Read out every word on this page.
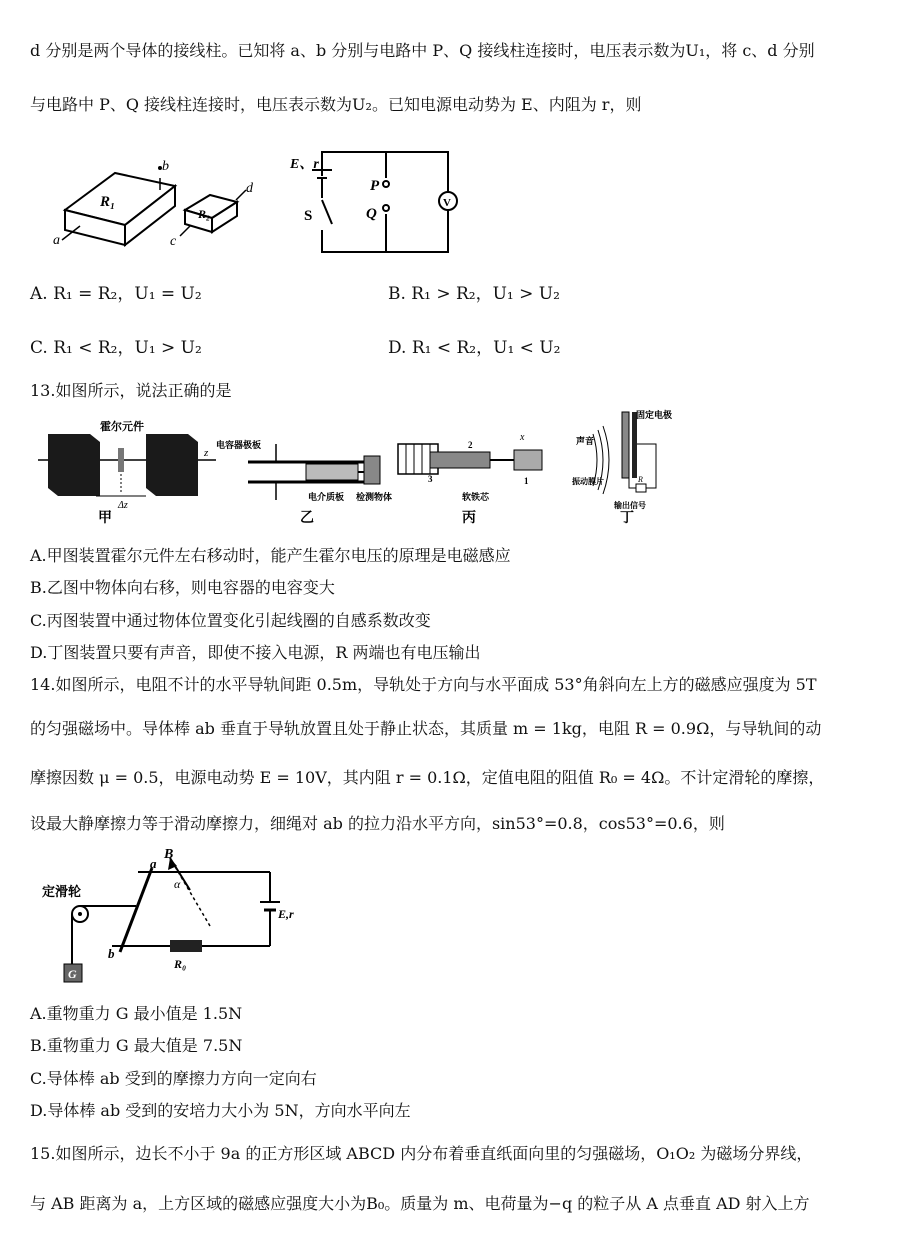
d 分别是两个导体的接线柱。已知将 a、b 分别与电路中 P、Q 接线柱连接时，电压表示数为U₁，将 c、d 分别
与电路中 P、Q 接线柱连接时，电压表示数为U₂。已知电源电动势为 E、内阻为 r，则
R₁
a
b
R₂
c
d
E、r
S
P
Q
V
A. R₁ = R₂，U₁ = U₂	B. R₁ > R₂，U₁ > U₂
C. R₁ < R₂，U₁ > U₂	D. R₁ < R₂，U₁ < U₂
13.如图所示，说法正确的是
霍尔元件
z
Δz
甲
电容器极板
电介质板 检测物体
乙
2
3	1
软铁芯
x
丙
声音
固定电极
振动膜片	R
输出信号
丁
A.甲图装置霍尔元件左右移动时，能产生霍尔电压的原理是电磁感应
B.乙图中物体向右移，则电容器的电容变大
C.丙图装置中通过物体位置变化引起线圈的自感系数改变
D.丁图装置只要有声音，即使不接入电源，R 两端也有电压输出
14.如图所示，电阻不计的水平导轨间距 0.5m，导轨处于方向与水平面成 53°角斜向左上方的磁感应强度为 5T
的匀强磁场中。导体棒 ab 垂直于导轨放置且处于静止状态，其质量 m = 1kg，电阻 R = 0.9Ω，与导轨间的动
摩擦因数 μ = 0.5，电源电动势 E = 10V，其内阻 r = 0.1Ω，定值电阻的阻值 R₀ = 4Ω。不计定滑轮的摩擦，
设最大静摩擦力等于滑动摩擦力，细绳对 ab 的拉力沿水平方向，sin53°=0.8，cos53°=0.6，则
G
定滑轮
B
a
b
α
E,r
R₀
A.重物重力 G 最小值是 1.5N
B.重物重力 G 最大值是 7.5N
C.导体棒 ab 受到的摩擦力方向一定向右
D.导体棒 ab 受到的安培力大小为 5N，方向水平向左
15.如图所示，边长不小于 9a 的正方形区域 ABCD 内分布着垂直纸面向里的匀强磁场，O₁O₂ 为磁场分界线，
与 AB 距离为 a，上方区域的磁感应强度大小为B₀。质量为 m、电荷量为−q 的粒子从 A 点垂直 AD 射入上方
